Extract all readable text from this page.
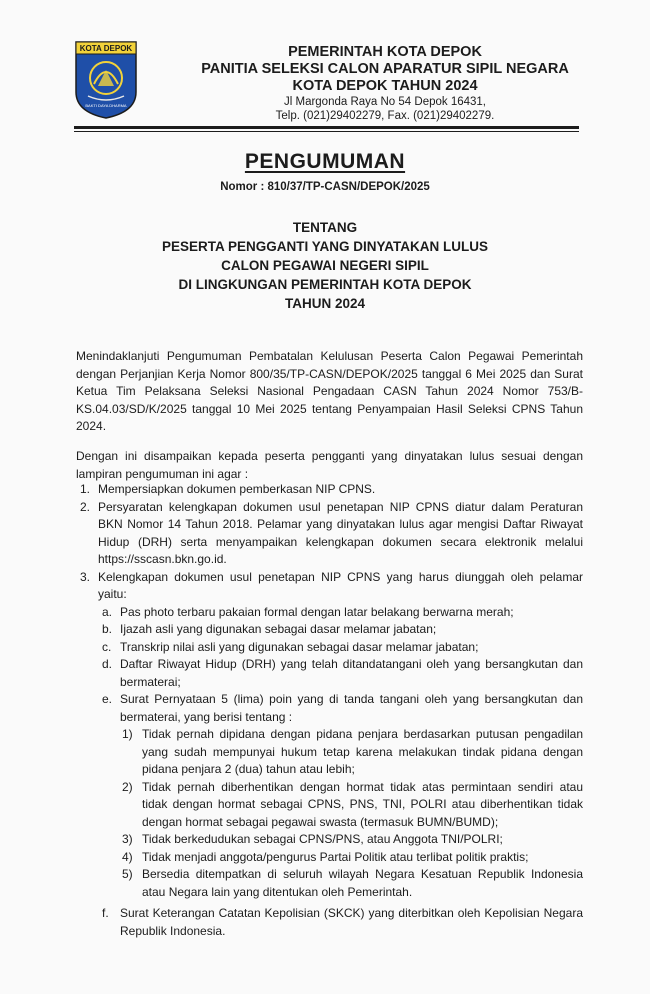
KOTA DEPOK
BAKTI DAYA DHARMA
PEMERINTAH KOTA DEPOK
PANITIA SELEKSI CALON APARATUR SIPIL NEGARA
KOTA DEPOK TAHUN 2024
Jl Margonda Raya No 54 Depok 16431,
Telp. (021)29402279, Fax. (021)29402279.
PENGUMUMAN
Nomor : 810/37/TP-CASN/DEPOK/2025
TENTANG
PESERTA PENGGANTI YANG DINYATAKAN LULUS
CALON PEGAWAI NEGERI SIPIL
DI LINGKUNGAN PEMERINTAH KOTA DEPOK
TAHUN 2024
Menindaklanjuti Pengumuman Pembatalan Kelulusan Peserta Calon Pegawai Pemerintah dengan Perjanjian Kerja Nomor 800/35/TP-CASN/DEPOK/2025 tanggal 6 Mei 2025 dan Surat Ketua Tim Pelaksana Seleksi Nasional Pengadaan CASN Tahun 2024 Nomor 753/B-KS.04.03/SD/K/2025 tanggal 10 Mei 2025 tentang Penyampaian Hasil Seleksi CPNS Tahun 2024.
Dengan ini disampaikan kepada peserta pengganti yang dinyatakan lulus sesuai dengan lampiran pengumuman ini agar :
1. Mempersiapkan dokumen pemberkasan NIP CPNS.
2. Persyaratan kelengkapan dokumen usul penetapan NIP CPNS diatur dalam Peraturan BKN Nomor 14 Tahun 2018. Pelamar yang dinyatakan lulus agar mengisi Daftar Riwayat Hidup (DRH) serta menyampaikan kelengkapan dokumen secara elektronik melalui https://sscasn.bkn.go.id.
3. Kelengkapan dokumen usul penetapan NIP CPNS yang harus diunggah oleh pelamar yaitu:
a. Pas photo terbaru pakaian formal dengan latar belakang berwarna merah;
b. Ijazah asli yang digunakan sebagai dasar melamar jabatan;
c. Transkrip nilai asli yang digunakan sebagai dasar melamar jabatan;
d. Daftar Riwayat Hidup (DRH) yang telah ditandatangani oleh yang bersangkutan dan bermaterai;
e. Surat Pernyataan 5 (lima) poin yang di tanda tangani oleh yang bersangkutan dan bermaterai, yang berisi tentang :
1) Tidak pernah dipidana dengan pidana penjara berdasarkan putusan pengadilan yang sudah mempunyai hukum tetap karena melakukan tindak pidana dengan pidana penjara 2 (dua) tahun atau lebih;
2) Tidak pernah diberhentikan dengan hormat tidak atas permintaan sendiri atau tidak dengan hormat sebagai CPNS, PNS, TNI, POLRI atau diberhentikan tidak dengan hormat sebagai pegawai swasta (termasuk BUMN/BUMD);
3) Tidak berkedudukan sebagai CPNS/PNS, atau Anggota TNI/POLRI;
4) Tidak menjadi anggota/pengurus Partai Politik atau terlibat politik praktis;
5) Bersedia ditempatkan di seluruh wilayah Negara Kesatuan Republik Indonesia atau Negara lain yang ditentukan oleh Pemerintah.
f. Surat Keterangan Catatan Kepolisian (SKCK) yang diterbitkan oleh Kepolisian Negara Republik Indonesia.
